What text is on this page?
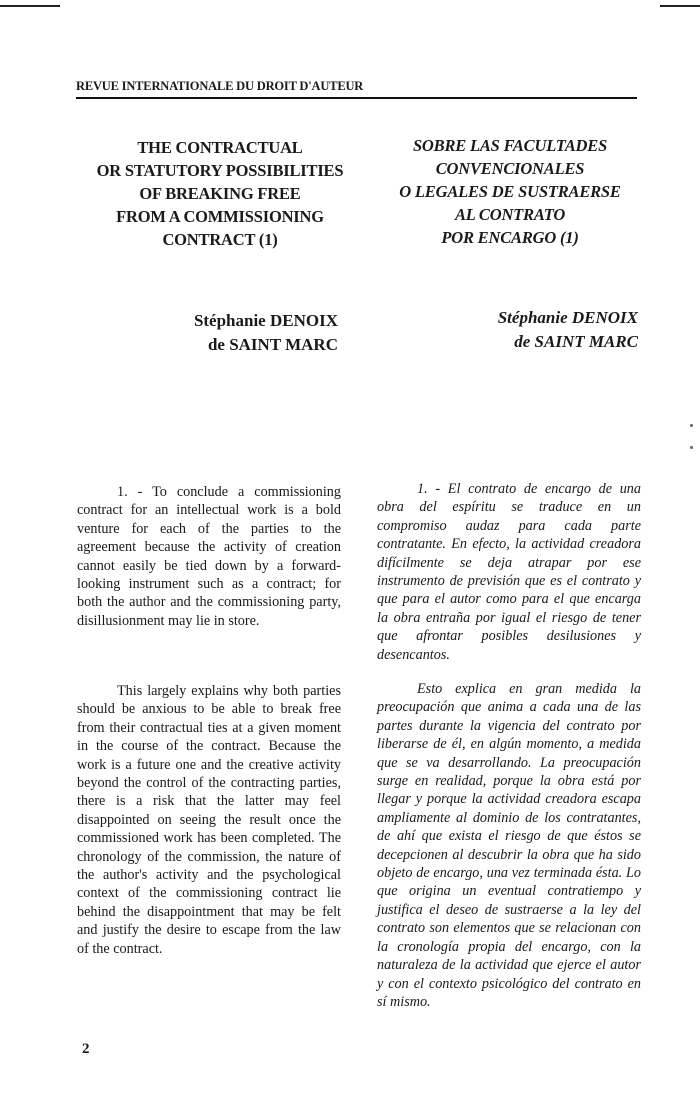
REVUE INTERNATIONALE DU DROIT D'AUTEUR
THE CONTRACTUAL
OR STATUTORY POSSIBILITIES
OF BREAKING FREE
FROM A COMMISSIONING
CONTRACT (1)
SOBRE LAS FACULTADES
CONVENCIONALES
O LEGALES DE SUSTRAERSE
AL CONTRATO
POR ENCARGO (1)
Stéphanie DENOIX
de SAINT MARC
Stéphanie DENOIX
de SAINT MARC

1. - To conclude a commissioning contract for an intellectual work is a bold venture for each of the parties to the agreement because the activity of creation cannot easily be tied down by a forward-looking instrument such as a contract; for both the author and the commissioning party, disillusionment may lie in store.

This largely explains why both parties should be anxious to be able to break free from their contractual ties at a given moment in the course of the contract. Because the work is a future one and the creative activity beyond the control of the contracting parties, there is a risk that the latter may feel disappointed on seeing the result once the commissioned work has been completed. The chronology of the commission, the nature of the author's activity and the psychological context of the commissioning contract lie behind the disappointment that may be felt and justify the desire to escape from the law of the contract.

1. - El contrato de encargo de una obra del espíritu se traduce en un compromiso audaz para cada parte contratante. En efecto, la actividad creadora difícilmente se deja atrapar por ese instrumento de previsión que es el contrato y que para el autor como para el que encarga la obra entraña por igual el riesgo de tener que afrontar posibles desilusiones y desencantos.

Esto explica en gran medida la preocupación que anima a cada una de las partes durante la vigencia del contrato por liberarse de él, en algún momento, a medida que se va desarrollando. La preocupación surge en realidad, porque la obra está por llegar y porque la actividad creadora escapa ampliamente al dominio de los contratantes, de ahí que exista el riesgo de que éstos se decepcionen al descubrir la obra que ha sido objeto de encargo, una vez terminada ésta. Lo que origina un eventual contratiempo y justifica el deseo de sustraerse a la ley del contrato son elementos que se relacionan con la cronología propia del encargo, con la naturaleza de la actividad que ejerce el autor y con el contexto psicológico del contrato en sí mismo.

2
